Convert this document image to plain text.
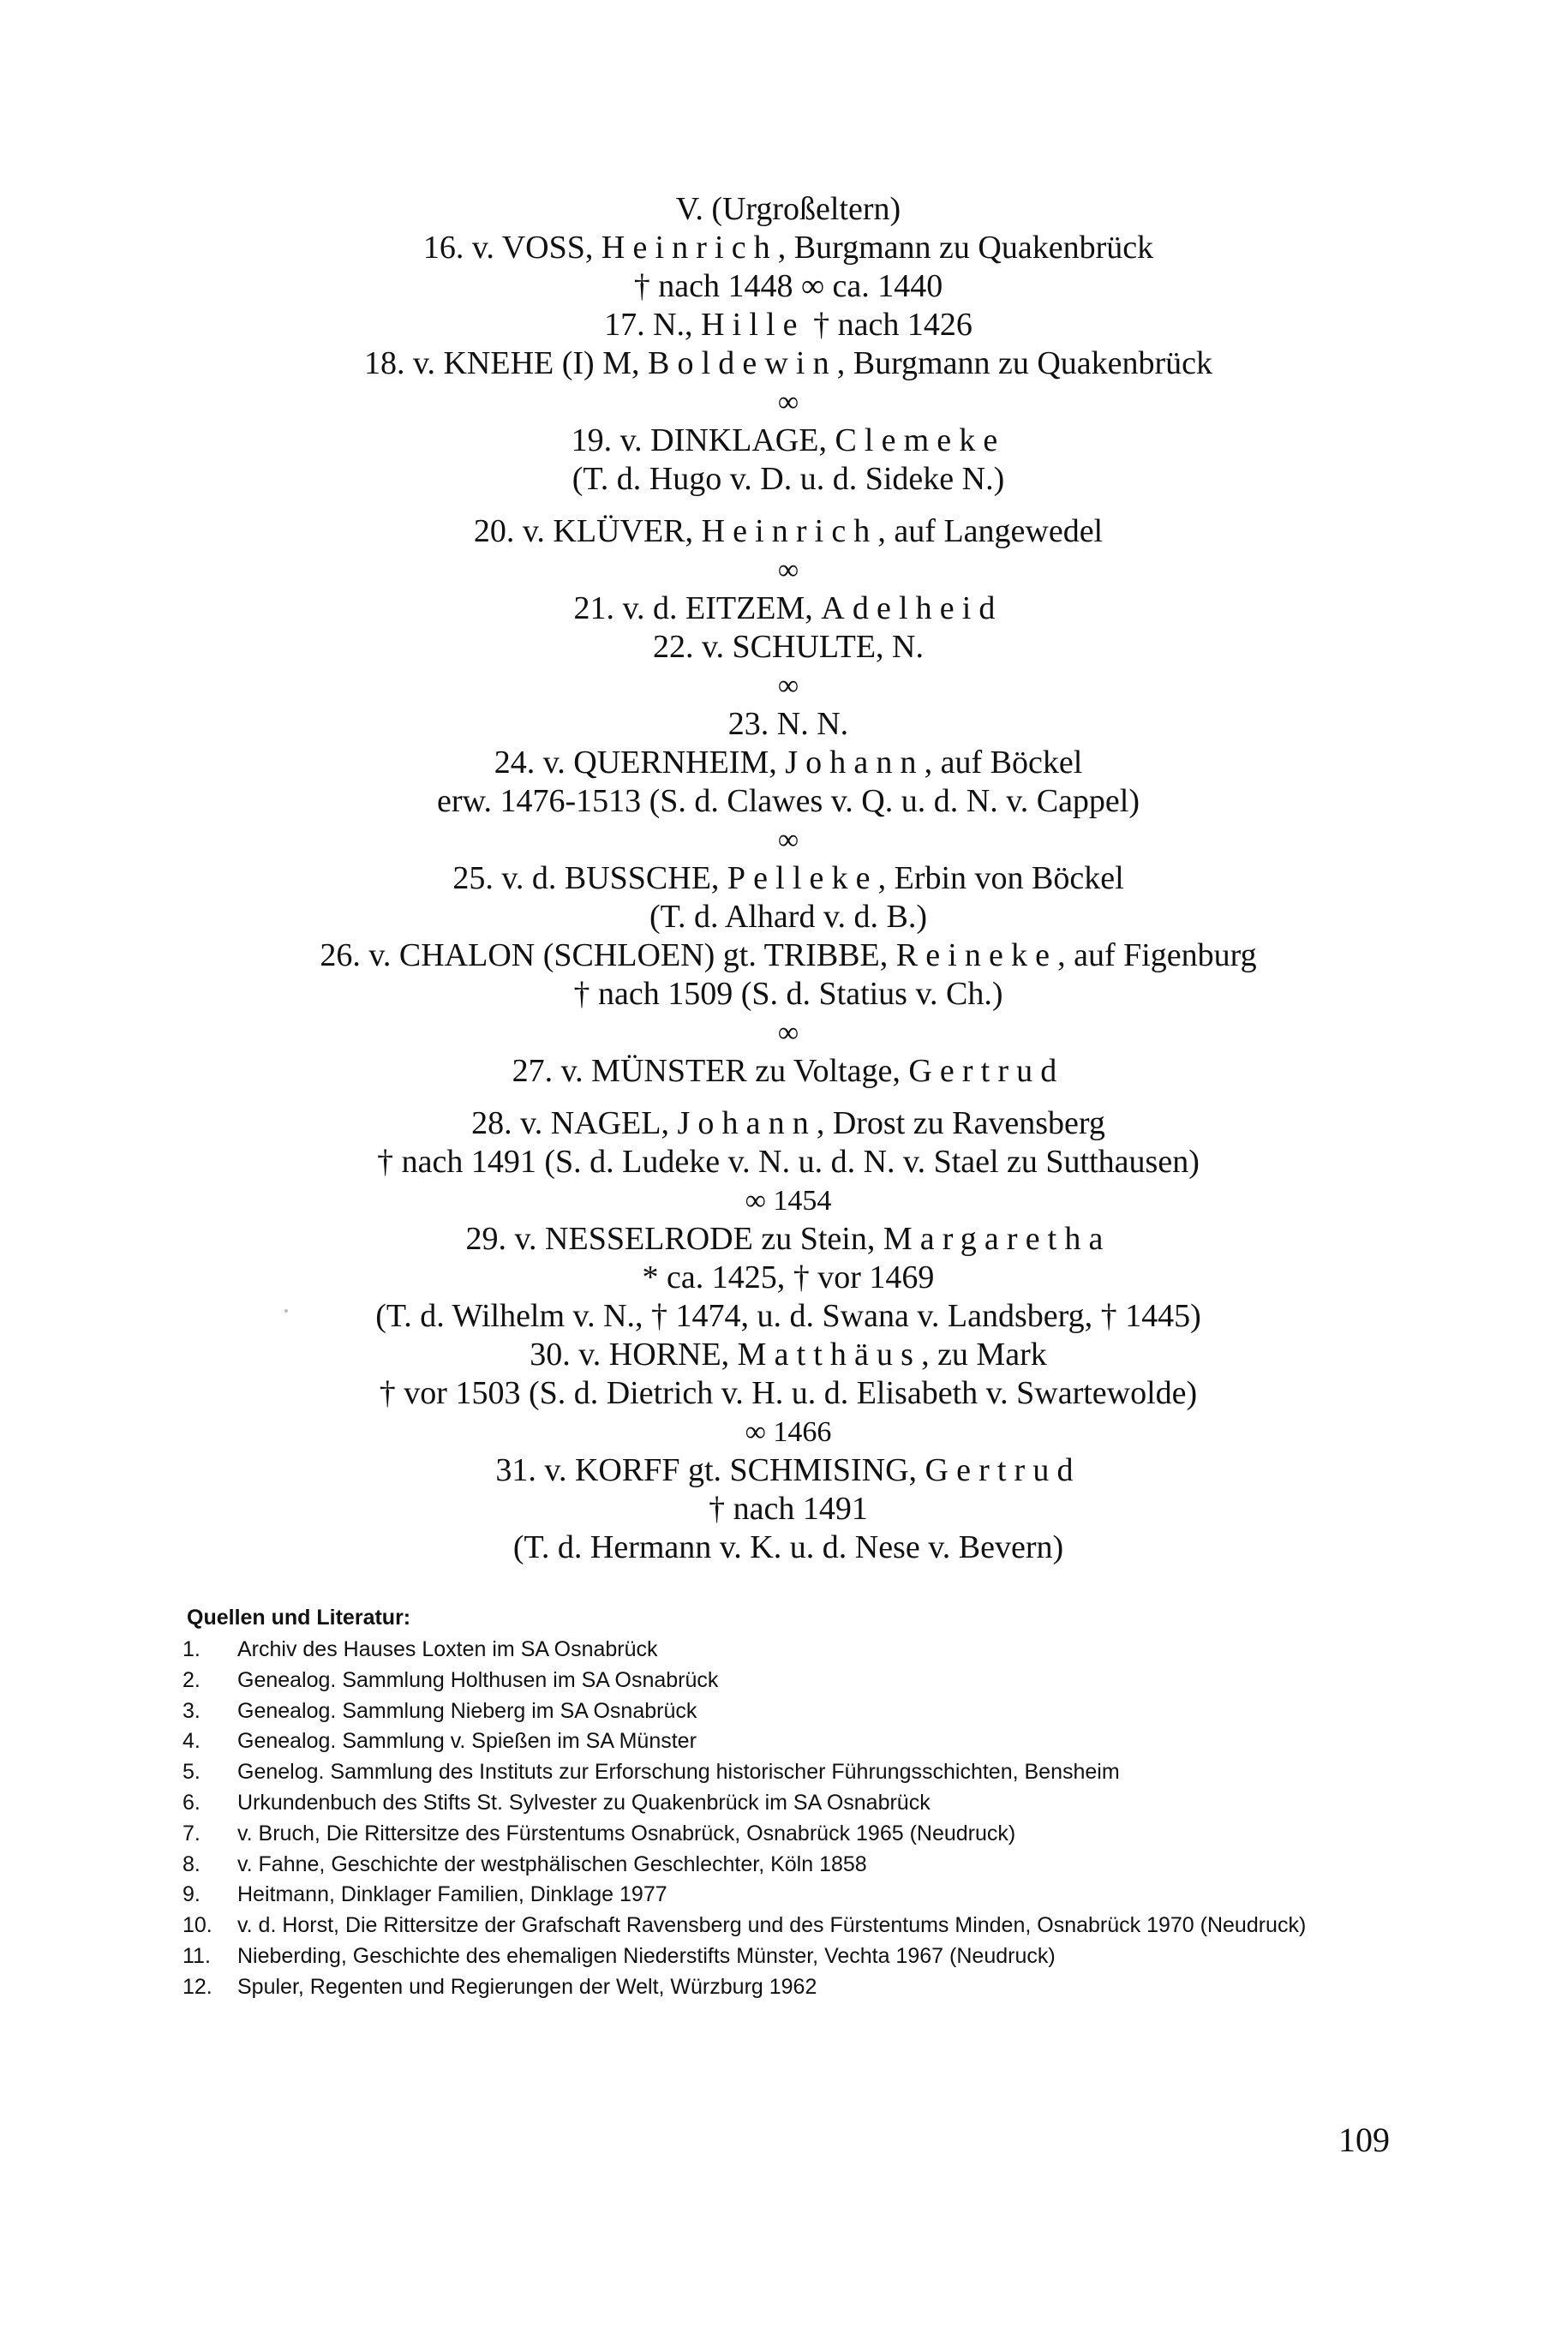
V. (Urgroßeltern)
16. v. VOSS, Heinrich, Burgmann zu Quakenbrück
† nach 1448 ∞ ca. 1440
17. N., Hille † nach 1426
18. v. KNEHE (I) M, Boldewin, Burgmann zu Quakenbrück
∞
19. v. DINKLAGE, Clemeke
(T. d. Hugo v. D. u. d. Sideke N.)
20. v. KLÜVER, Heinrich, auf Langewedel
∞
21. v. d. EITZEM, Adelheid
22. v. SCHULTE, N.
∞
23. N. N.
24. v. QUERNHEIM, Johann, auf Böckel
erw. 1476-1513 (S. d. Clawes v. Q. u. d. N. v. Cappel)
∞
25. v. d. BUSSCHE, Pelleke, Erbin von Böckel
(T. d. Alhard v. d. B.)
26. v. CHALON (SCHLOEN) gt. TRIBBE, Reineke, auf Figenburg
† nach 1509 (S. d. Statius v. Ch.)
∞
27. v. MÜNSTER zu Voltage, Gertrud
28. v. NAGEL, Johann, Drost zu Ravensberg
† nach 1491 (S. d. Ludeke v. N. u. d. N. v. Stael zu Sutthausen)
∞ 1454
29. v. NESSELRODE zu Stein, Margaretha
* ca. 1425, † vor 1469
(T. d. Wilhelm v. N., † 1474, u. d. Swana v. Landsberg, † 1445)
30. v. HORNE, Matthäus, zu Mark
† vor 1503 (S. d. Dietrich v. H. u. d. Elisabeth v. Swartewolde)
∞ 1466
31. v. KORFF gt. SCHMISING, Gertrud
† nach 1491
(T. d. Hermann v. K. u. d. Nese v. Bevern)
Quellen und Literatur:
1.	Archiv des Hauses Loxten im SA Osnabrück
2.	Genealog. Sammlung Holthusen im SA Osnabrück
3.	Genealog. Sammlung Nieberg im SA Osnabrück
4.	Genealog. Sammlung v. Spießen im SA Münster
5.	Genelog. Sammlung des Instituts zur Erforschung historischer Führungsschichten, Bensheim
6.	Urkundenbuch des Stifts St. Sylvester zu Quakenbrück im SA Osnabrück
7.	v. Bruch, Die Rittersitze des Fürstentums Osnabrück, Osnabrück 1965 (Neudruck)
8.	v. Fahne, Geschichte der westphälischen Geschlechter, Köln 1858
9.	Heitmann, Dinklager Familien, Dinklage 1977
10.	v. d. Horst, Die Rittersitze der Grafschaft Ravensberg und des Fürstentums Minden, Osnabrück 1970 (Neudruck)
11.	Nieberding, Geschichte des ehemaligen Niederstifts Münster, Vechta 1967 (Neudruck)
12.	Spuler, Regenten und Regierungen der Welt, Würzburg 1962
109
